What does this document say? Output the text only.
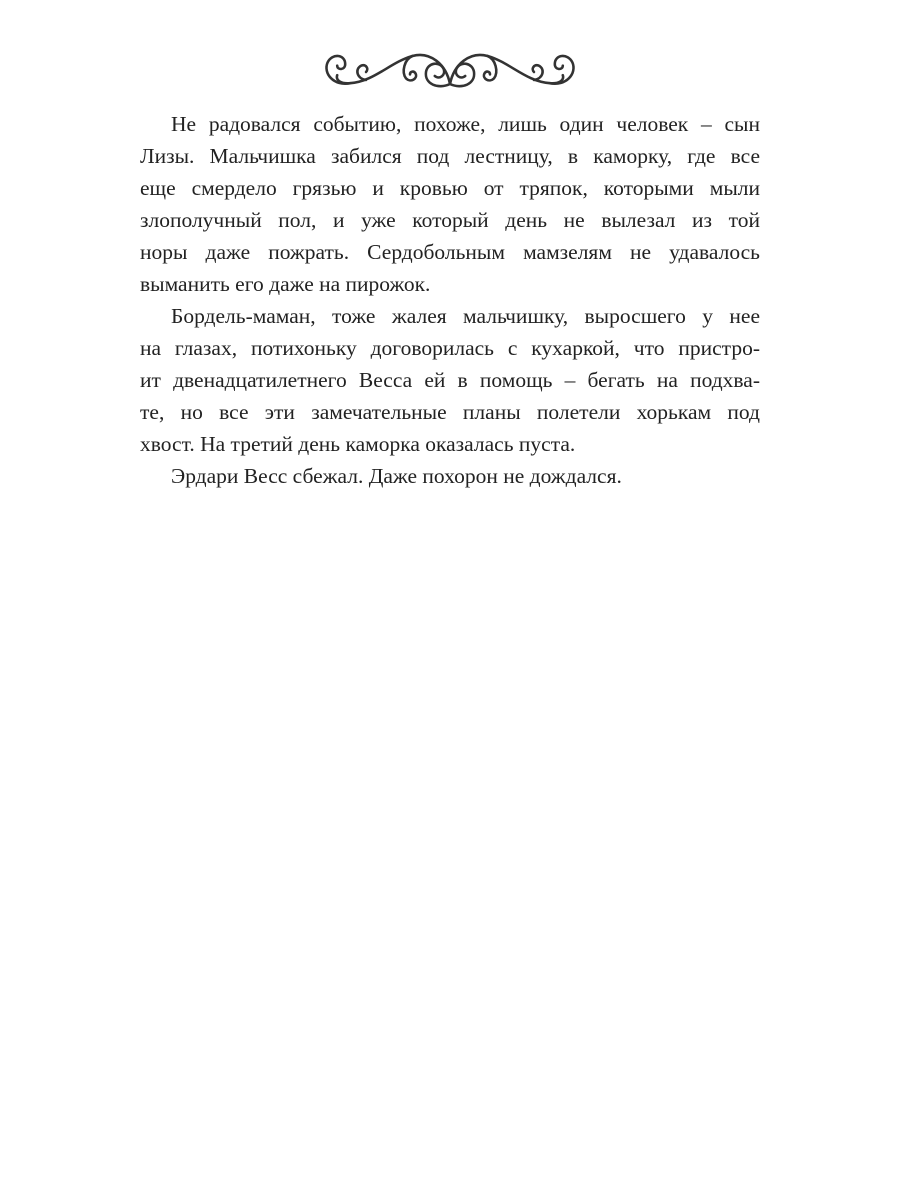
Не радовался событию, похоже, лишь один человек – сын
Лизы. Мальчишка забился под лестницу, в каморку, где все
еще смердело грязью и кровью от тряпок, которыми мыли
злополучный пол, и уже который день не вылезал из той
норы даже пожрать. Сердобольным мамзелям не удавалось
выманить его даже на пирожок.
Бордель-маман, тоже жалея мальчишку, выросшего у нее
на глазах, потихоньку договорилась с кухаркой, что пристро-
ит двенадцатилетнего Весса ей в помощь – бегать на подхва-
те, но все эти замечательные планы полетели хорькам под
хвост. На третий день каморка оказалась пуста.
Эрдари Весс сбежал. Даже похорон не дождался.
